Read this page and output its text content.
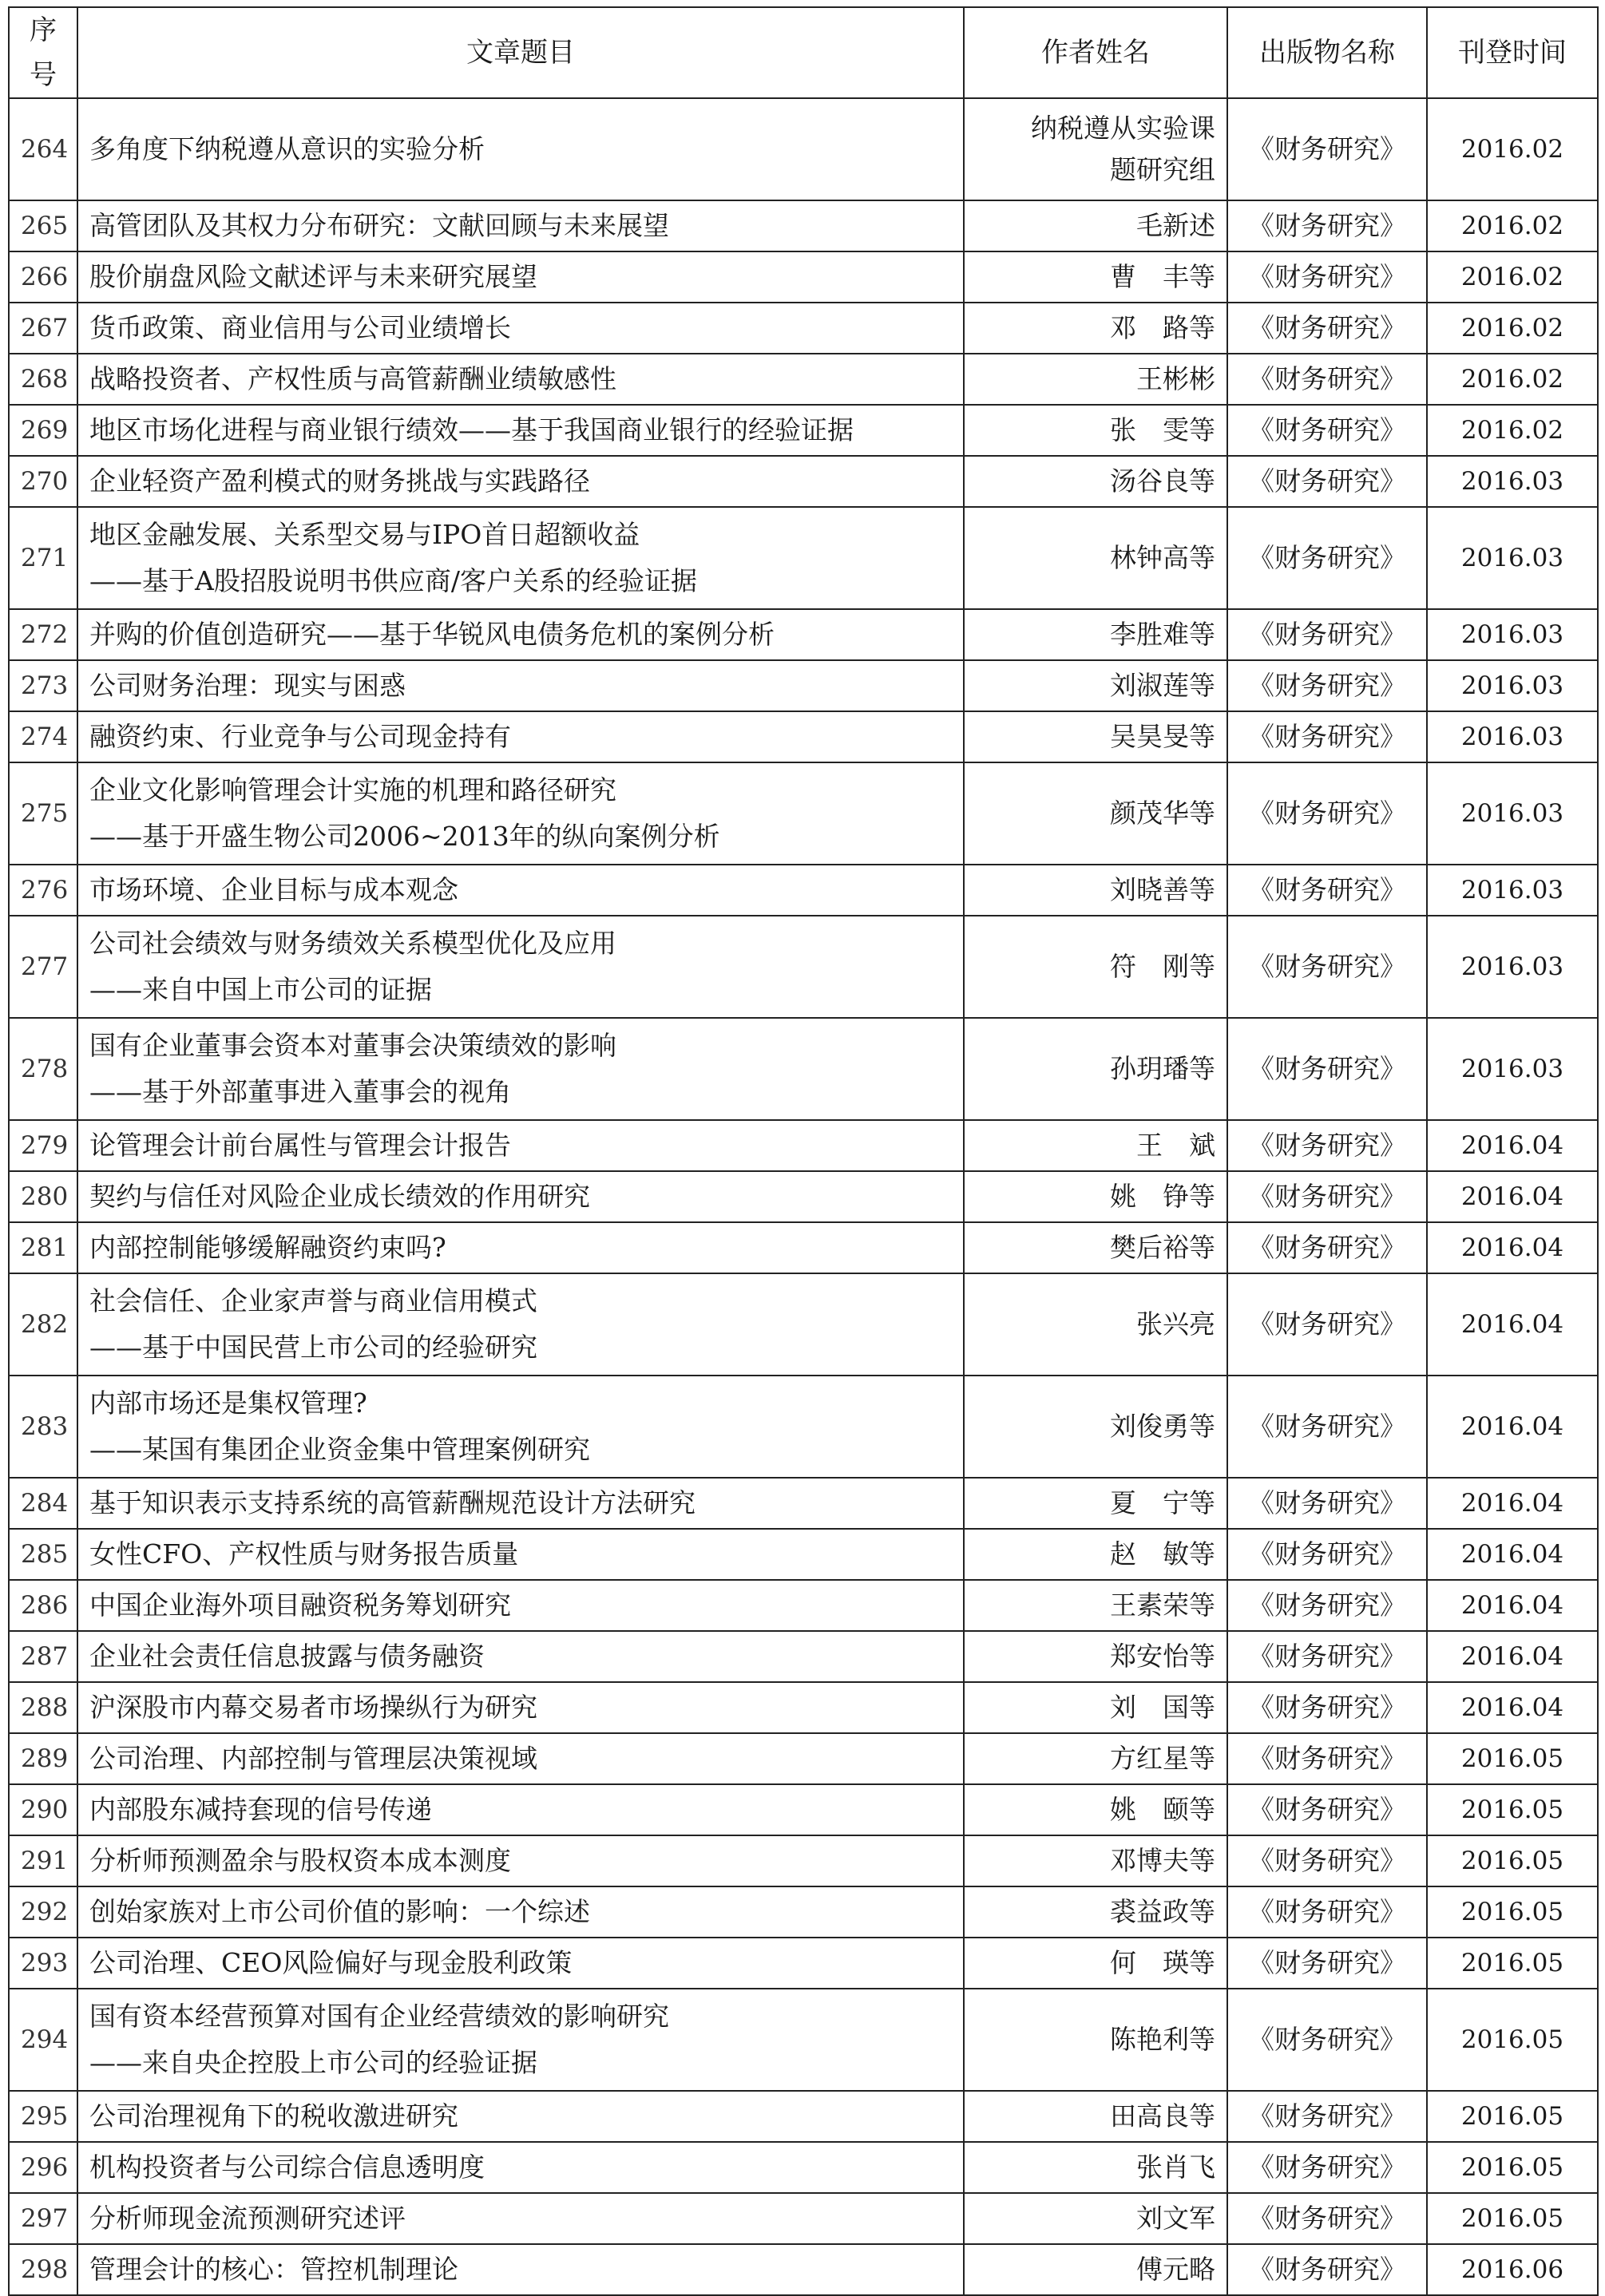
序号	文章题目	作者姓名	出版物名称	刊登时间
264	多角度下纳税遵从意识的实验分析	纳税遵从实验课题研究组	《财务研究》	2016.02
265	高管团队及其权力分布研究：文献回顾与未来展望	毛新述	《财务研究》	2016.02
266	股价崩盘风险文献述评与未来研究展望	曹　丰等	《财务研究》	2016.02
267	货币政策、商业信用与公司业绩增长	邓　路等	《财务研究》	2016.02
268	战略投资者、产权性质与高管薪酬业绩敏感性	王彬彬	《财务研究》	2016.02
269	地区市场化进程与商业银行绩效——基于我国商业银行的经验证据	张　雯等	《财务研究》	2016.02
270	企业轻资产盈利模式的财务挑战与实践路径	汤谷良等	《财务研究》	2016.03
271	地区金融发展、关系型交易与IPO首日超额收益
——基于A股招股说明书供应商/客户关系的经验证据	林钟高等	《财务研究》	2016.03
272	并购的价值创造研究——基于华锐风电债务危机的案例分析	李胜难等	《财务研究》	2016.03
273	公司财务治理：现实与困惑	刘淑莲等	《财务研究》	2016.03
274	融资约束、行业竞争与公司现金持有	吴昊旻等	《财务研究》	2016.03
275	企业文化影响管理会计实施的机理和路径研究
——基于开盛生物公司2006~2013年的纵向案例分析	颜茂华等	《财务研究》	2016.03
276	市场环境、企业目标与成本观念	刘晓善等	《财务研究》	2016.03
277	公司社会绩效与财务绩效关系模型优化及应用
——来自中国上市公司的证据	符　刚等	《财务研究》	2016.03
278	国有企业董事会资本对董事会决策绩效的影响
——基于外部董事进入董事会的视角	孙玥璠等	《财务研究》	2016.03
279	论管理会计前台属性与管理会计报告	王　斌	《财务研究》	2016.04
280	契约与信任对风险企业成长绩效的作用研究	姚　铮等	《财务研究》	2016.04
281	内部控制能够缓解融资约束吗?	樊后裕等	《财务研究》	2016.04
282	社会信任、企业家声誉与商业信用模式
——基于中国民营上市公司的经验研究	张兴亮	《财务研究》	2016.04
283	内部市场还是集权管理?
——某国有集团企业资金集中管理案例研究	刘俊勇等	《财务研究》	2016.04
284	基于知识表示支持系统的高管薪酬规范设计方法研究	夏　宁等	《财务研究》	2016.04
285	女性CFO、产权性质与财务报告质量	赵　敏等	《财务研究》	2016.04
286	中国企业海外项目融资税务筹划研究	王素荣等	《财务研究》	2016.04
287	企业社会责任信息披露与债务融资	郑安怡等	《财务研究》	2016.04
288	沪深股市内幕交易者市场操纵行为研究	刘　国等	《财务研究》	2016.04
289	公司治理、内部控制与管理层决策视域	方红星等	《财务研究》	2016.05
290	内部股东减持套现的信号传递	姚　颐等	《财务研究》	2016.05
291	分析师预测盈余与股权资本成本测度	邓博夫等	《财务研究》	2016.05
292	创始家族对上市公司价值的影响：一个综述	裘益政等	《财务研究》	2016.05
293	公司治理、CEO风险偏好与现金股利政策	何　瑛等	《财务研究》	2016.05
294	国有资本经营预算对国有企业经营绩效的影响研究
——来自央企控股上市公司的经验证据	陈艳利等	《财务研究》	2016.05
295	公司治理视角下的税收激进研究	田高良等	《财务研究》	2016.05
296	机构投资者与公司综合信息透明度	张肖飞	《财务研究》	2016.05
297	分析师现金流预测研究述评	刘文军	《财务研究》	2016.05
298	管理会计的核心：管控机制理论	傅元略	《财务研究》	2016.06
